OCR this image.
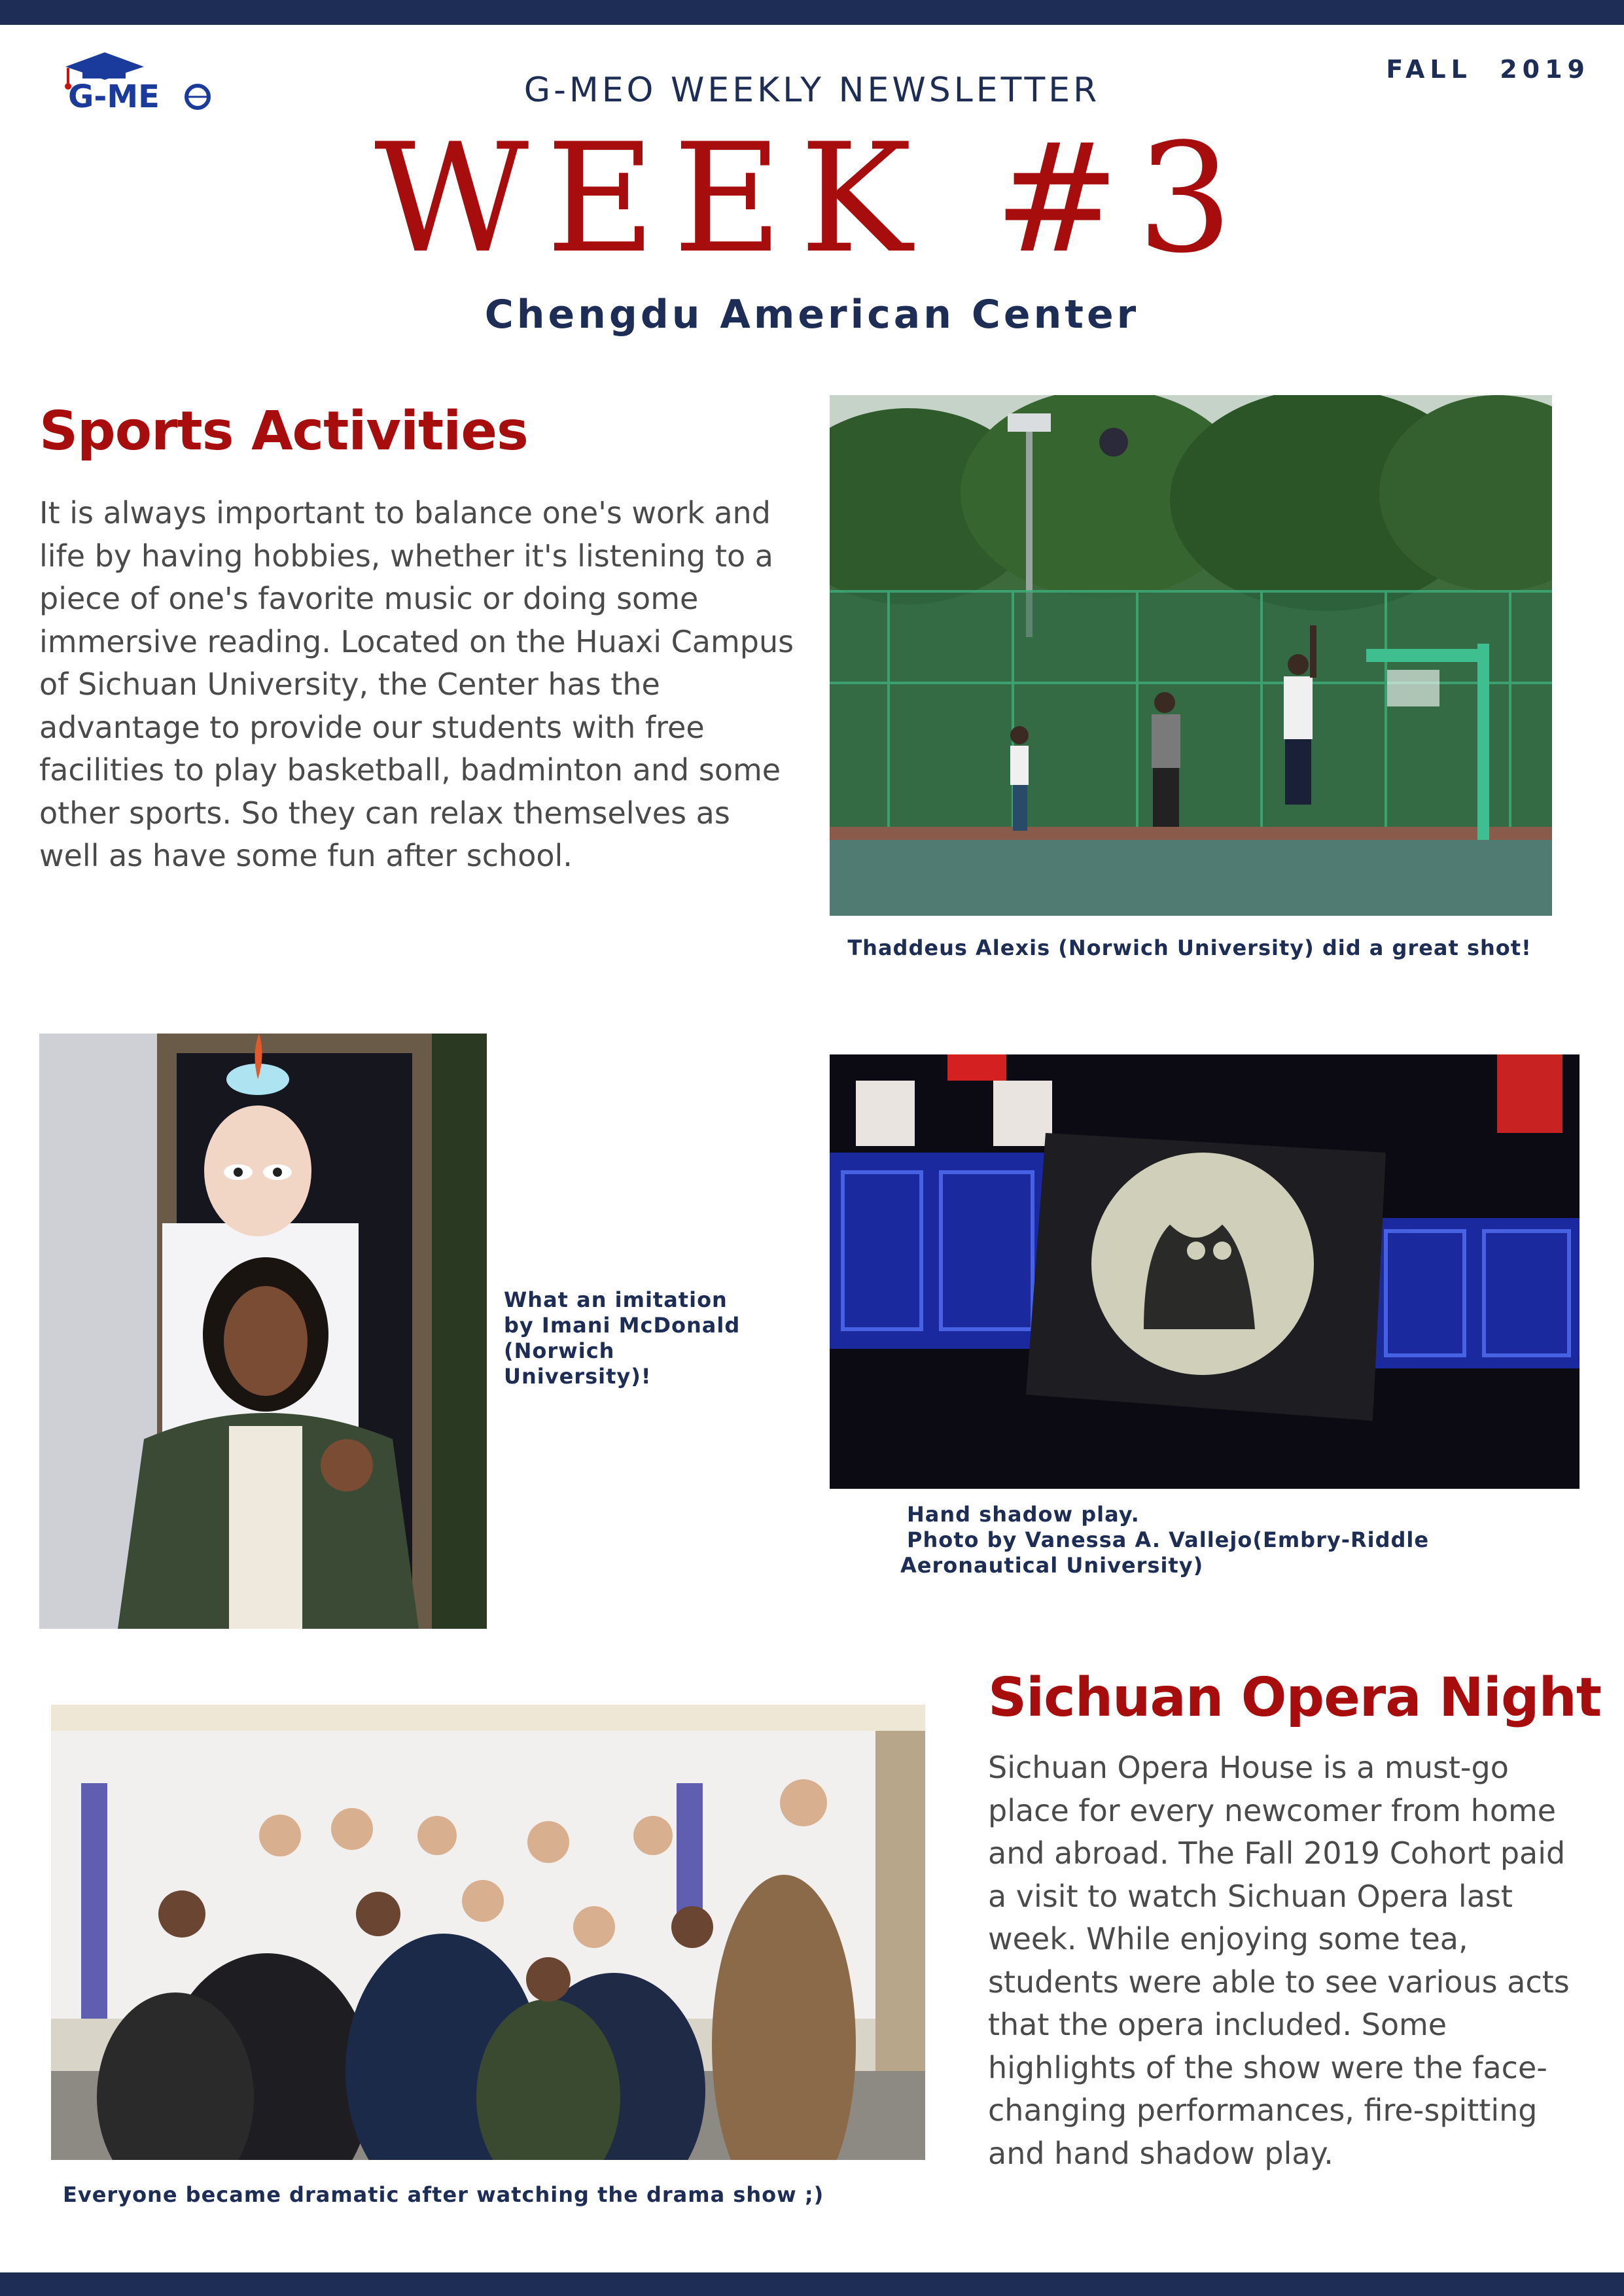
G-ME
FALL  2019
G-MEO WEEKLY NEWSLETTER
WEEK #3
Chengdu American Center
Sports Activities
It is always important to balance one's work and life by having hobbies, whether it's listening to a piece of one's favorite music or doing some immersive reading. Located on the Huaxi Campus of Sichuan University, the Center has the advantage to provide our students with free facilities to play basketball, badminton and some other sports. So they can relax themselves as well as have some fun after school.
Thaddeus Alexis (Norwich University) did a great shot!
What an imitation by Imani McDonald (Norwich University)!
Hand shadow play.
Photo by Vanessa A. Vallejo(Embry-Riddle
Aeronautical University)
Everyone became dramatic after watching the drama show ;)
Sichuan Opera Night
Sichuan Opera House is a must-go place for every newcomer from home and abroad. The Fall 2019 Cohort paid a visit to watch Sichuan Opera last week. While enjoying some tea, students were able to see various acts that the opera included. Some highlights of the show were the face-changing performances, fire-spitting and hand shadow play.
